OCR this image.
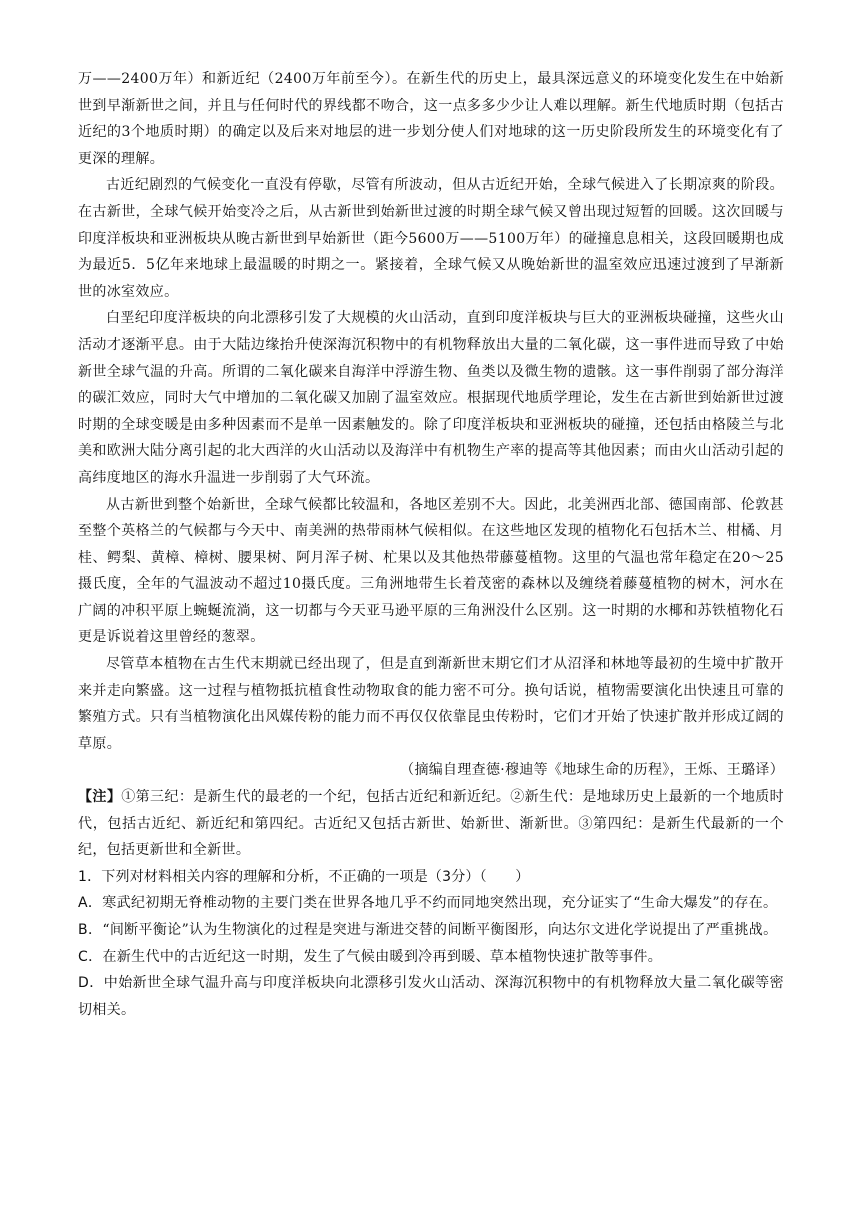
万——2400万年）和新近纪（2400万年前至今）。在新生代的历史上，最具深远意义的环境变化发生在中始新世到早渐新世之间，并且与任何时代的界线都不吻合，这一点多多少少让人难以理解。新生代地质时期（包括古近纪的3个地质时期）的确定以及后来对地层的进一步划分使人们对地球的这一历史阶段所发生的环境变化有了更深的理解。

古近纪剧烈的气候变化一直没有停歇，尽管有所波动，但从古近纪开始，全球气候进入了长期凉爽的阶段。在古新世，全球气候开始变冷之后，从古新世到始新世过渡的时期全球气候又曾出现过短暂的回暖。这次回暖与印度洋板块和亚洲板块从晚古新世到早始新世（距今5600万——5100万年）的碰撞息息相关，这段回暖期也成为最近5．5亿年来地球上最温暖的时期之一。紧接着，全球气候又从晚始新世的温室效应迅速过渡到了早渐新世的冰室效应。

白垩纪印度洋板块的向北漂移引发了大规模的火山活动，直到印度洋板块与巨大的亚洲板块碰撞，这些火山活动才逐渐平息。由于大陆边缘抬升使深海沉积物中的有机物释放出大量的二氧化碳，这一事件进而导致了中始新世全球气温的升高。所谓的二氧化碳来自海洋中浮游生物、鱼类以及微生物的遗骸。这一事件削弱了部分海洋的碳汇效应，同时大气中增加的二氧化碳又加剧了温室效应。根据现代地质学理论，发生在古新世到始新世过渡时期的全球变暖是由多种因素而不是单一因素触发的。除了印度洋板块和亚洲板块的碰撞，还包括由格陵兰与北美和欧洲大陆分离引起的北大西洋的火山活动以及海洋中有机物生产率的提高等其他因素；而由火山活动引起的高纬度地区的海水升温进一步削弱了大气环流。

从古新世到整个始新世，全球气候都比较温和，各地区差别不大。因此，北美洲西北部、德国南部、伦敦甚至整个英格兰的气候都与今天中、南美洲的热带雨林气候相似。在这些地区发现的植物化石包括木兰、柑橘、月桂、鳄梨、黄樟、樟树、腰果树、阿月浑子树、杧果以及其他热带藤蔓植物。这里的气温也常年稳定在20～25摄氏度，全年的气温波动不超过10摄氏度。三角洲地带生长着茂密的森林以及缠绕着藤蔓植物的树木，河水在广阔的冲积平原上蜿蜒流淌，这一切都与今天亚马逊平原的三角洲没什么区别。这一时期的水椰和苏铁植物化石更是诉说着这里曾经的葱翠。

尽管草本植物在古生代末期就已经出现了，但是直到渐新世末期它们才从沼泽和林地等最初的生境中扩散开来并走向繁盛。这一过程与植物抵抗植食性动物取食的能力密不可分。换句话说，植物需要演化出快速且可靠的繁殖方式。只有当植物演化出风媒传粉的能力而不再仅仅依靠昆虫传粉时，它们才开始了快速扩散并形成辽阔的草原。

（摘编自理查德·穆迪等《地球生命的历程》，王烁、王璐译）

【注】①第三纪：是新生代的最老的一个纪，包括古近纪和新近纪。②新生代：是地球历史上最新的一个地质时代，包括古近纪、新近纪和第四纪。古近纪又包括古新世、始新世、渐新世。③第四纪：是新生代最新的一个纪，包括更新世和全新世。

1．下列对材料相关内容的理解和分析，不正确的一项是（3分）（　　）

A．寒武纪初期无脊椎动物的主要门类在世界各地几乎不约而同地突然出现，充分证实了“生命大爆发”的存在。

B．“间断平衡论”认为生物演化的过程是突进与渐进交替的间断平衡图形，向达尔文进化学说提出了严重挑战。

C．在新生代中的古近纪这一时期，发生了气候由暖到冷再到暖、草本植物快速扩散等事件。

D．中始新世全球气温升高与印度洋板块向北漂移引发火山活动、深海沉积物中的有机物释放大量二氧化碳等密切相关。
